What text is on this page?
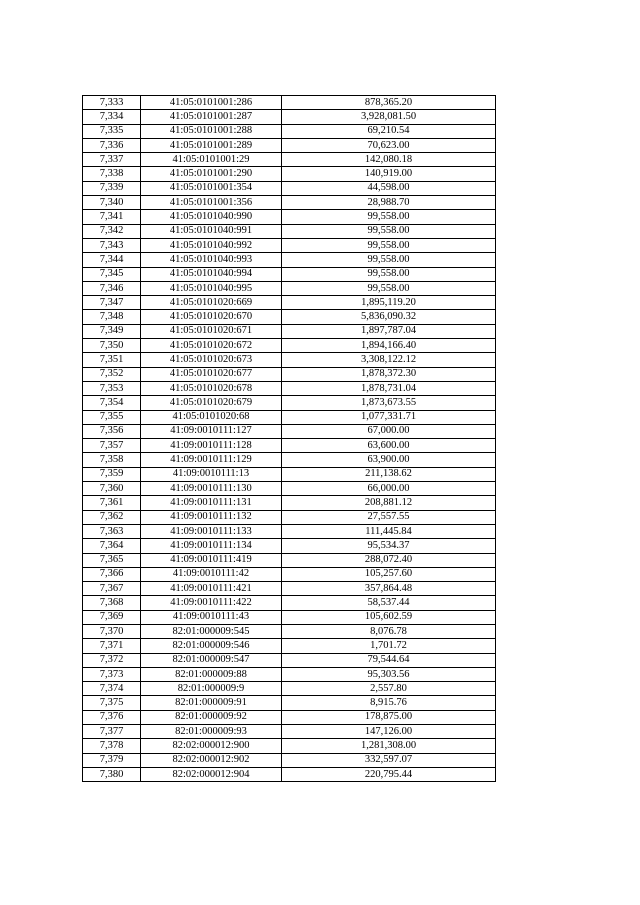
7,333	41:05:0101001:286	878,365.20
7,334	41:05:0101001:287	3,928,081.50
7,335	41:05:0101001:288	69,210.54
7,336	41:05:0101001:289	70,623.00
7,337	41:05:0101001:29	142,080.18
7,338	41:05:0101001:290	140,919.00
7,339	41:05:0101001:354	44,598.00
7,340	41:05:0101001:356	28,988.70
7,341	41:05:0101040:990	99,558.00
7,342	41:05:0101040:991	99,558.00
7,343	41:05:0101040:992	99,558.00
7,344	41:05:0101040:993	99,558.00
7,345	41:05:0101040:994	99,558.00
7,346	41:05:0101040:995	99,558.00
7,347	41:05:0101020:669	1,895,119.20
7,348	41:05:0101020:670	5,836,090.32
7,349	41:05:0101020:671	1,897,787.04
7,350	41:05:0101020:672	1,894,166.40
7,351	41:05:0101020:673	3,308,122.12
7,352	41:05:0101020:677	1,878,372.30
7,353	41:05:0101020:678	1,878,731.04
7,354	41:05:0101020:679	1,873,673.55
7,355	41:05:0101020:68	1,077,331.71
7,356	41:09:0010111:127	67,000.00
7,357	41:09:0010111:128	63,600.00
7,358	41:09:0010111:129	63,900.00
7,359	41:09:0010111:13	211,138.62
7,360	41:09:0010111:130	66,000.00
7,361	41:09:0010111:131	208,881.12
7,362	41:09:0010111:132	27,557.55
7,363	41:09:0010111:133	111,445.84
7,364	41:09:0010111:134	95,534.37
7,365	41:09:0010111:419	288,072.40
7,366	41:09:0010111:42	105,257.60
7,367	41:09:0010111:421	357,864.48
7,368	41:09:0010111:422	58,537.44
7,369	41:09:0010111:43	105,602.59
7,370	82:01:000009:545	8,076.78
7,371	82:01:000009:546	1,701.72
7,372	82:01:000009:547	79,544.64
7,373	82:01:000009:88	95,303.56
7,374	82:01:000009:9	2,557.80
7,375	82:01:000009:91	8,915.76
7,376	82:01:000009:92	178,875.00
7,377	82:01:000009:93	147,126.00
7,378	82:02:000012:900	1,281,308.00
7,379	82:02:000012:902	332,597.07
7,380	82:02:000012:904	220,795.44
